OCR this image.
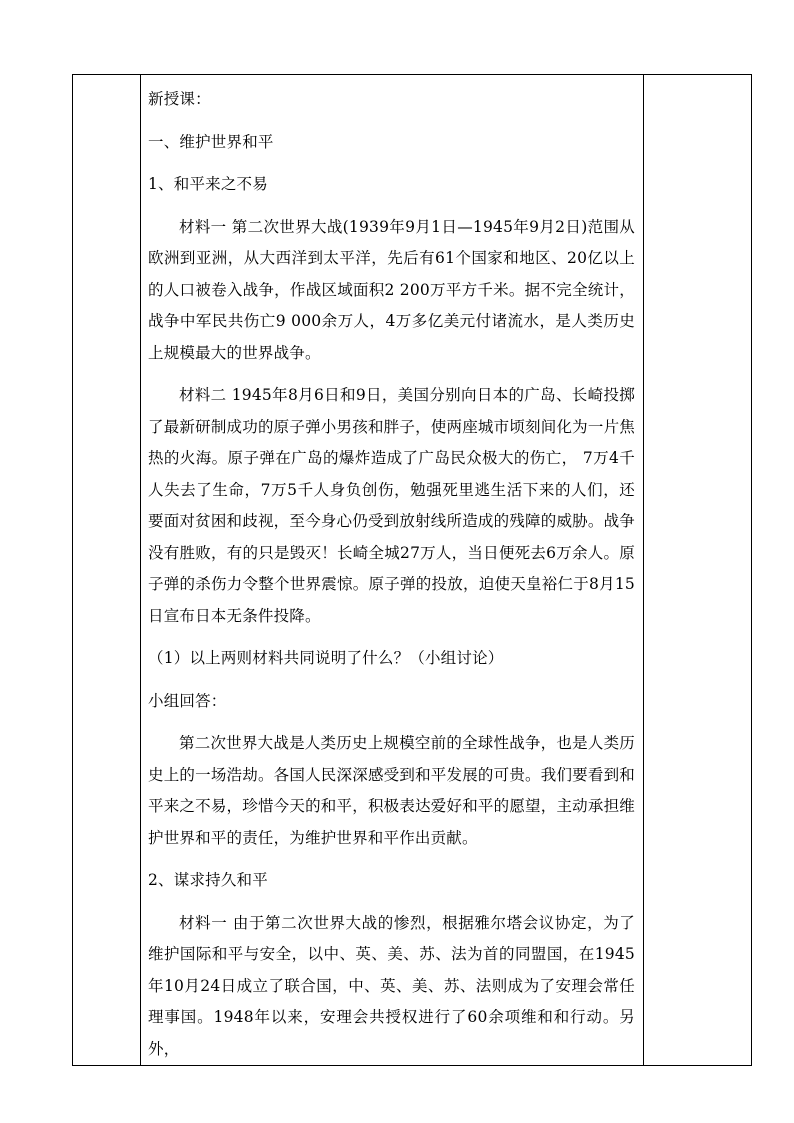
新授课：

一、维护世界和平

1、和平来之不易

材料一 第二次世界大战(1939年9月1日—1945年9月2日)范围从欧洲到亚洲，从大西洋到太平洋，先后有61个国家和地区、20亿以上的人口被卷入战争，作战区域面积2 200万平方千米。据不完全统计，战争中军民共伤亡9 000余万人，4万多亿美元付诸流水，是人类历史上规模最大的世界战争。

材料二 1945年8月6日和9日，美国分别向日本的广岛、长崎投掷了最新研制成功的原子弹小男孩和胖子，使两座城市顷刻间化为一片焦热的火海。原子弹在广岛的爆炸造成了广岛民众极大的伤亡， 7万4千人失去了生命，7万5千人身负创伤，勉强死里逃生活下来的人们，还要面对贫困和歧视，至今身心仍受到放射线所造成的残障的威胁。战争没有胜败，有的只是毁灭！长崎全城27万人，当日便死去6万余人。原子弹的杀伤力令整个世界震惊。原子弹的投放，迫使天皇裕仁于8月15日宣布日本无条件投降。

（1）以上两则材料共同说明了什么？（小组讨论）

小组回答：

第二次世界大战是人类历史上规模空前的全球性战争，也是人类历史上的一场浩劫。各国人民深深感受到和平发展的可贵。我们要看到和平来之不易，珍惜今天的和平，积极表达爱好和平的愿望，主动承担维护世界和平的责任，为维护世界和平作出贡献。

2、谋求持久和平

材料一 由于第二次世界大战的惨烈，根据雅尔塔会议协定，为了维护国际和平与安全，以中、英、美、苏、法为首的同盟国，在1945年10月24日成立了联合国，中、英、美、苏、法则成为了安理会常任理事国。1948年以来，安理会共授权进行了60余项维和和行动。另外，
